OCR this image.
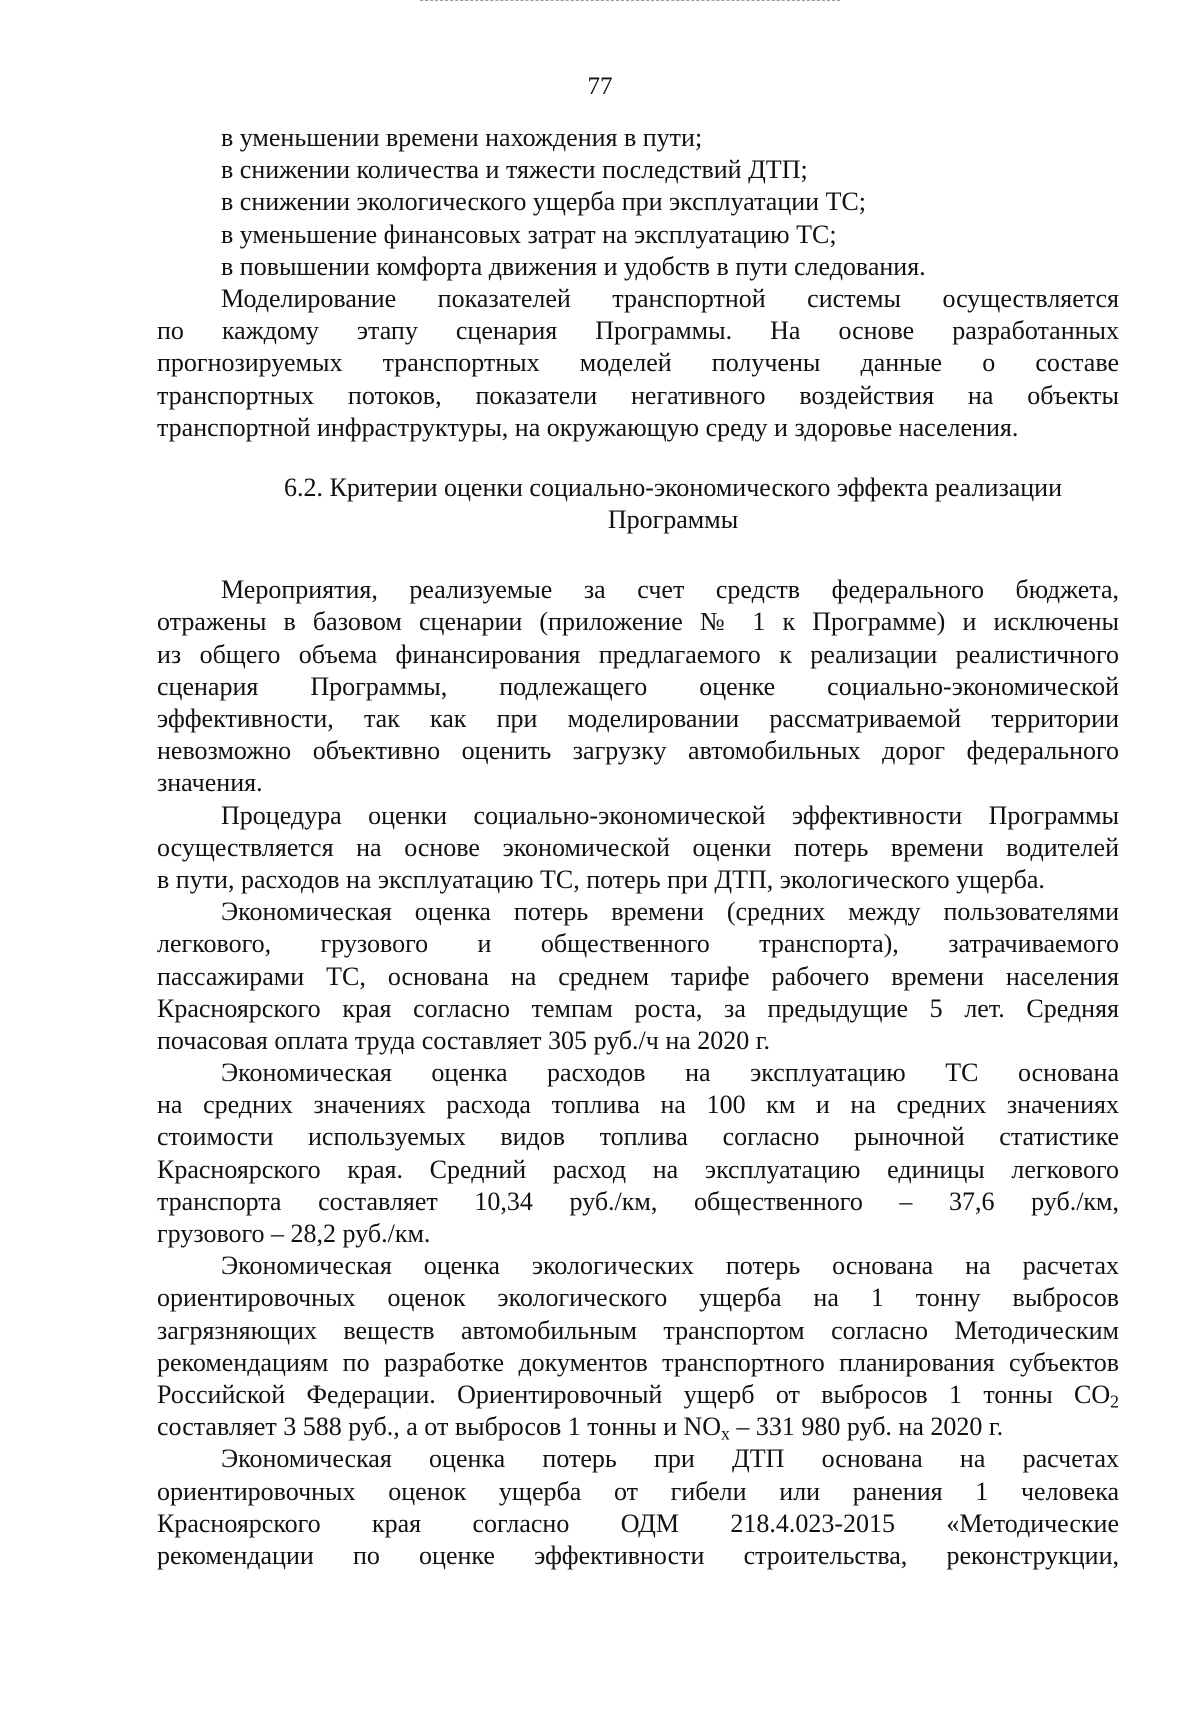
77
в уменьшении времени нахождения в пути;
в снижении количества и тяжести последствий ДТП;
в снижении экологического ущерба при эксплуатации ТС;
в уменьшение финансовых затрат на эксплуатацию ТС;
в повышении комфорта движения и удобств в пути следования.
Моделирование показателей транспортной системы осуществляется
по каждому этапу сценария Программы. На основе разработанных
прогнозируемых транспортных моделей получены данные о составе
транспортных потоков, показатели негативного воздействия на объекты
транспортной инфраструктуры, на окружающую среду и здоровье населения.
6.2. Критерии оценки социально-экономического эффекта реализации
Программы
Мероприятия, реализуемые за счет средств федерального бюджета,
отражены в базовом сценарии (приложение № 1 к Программе) и исключены
из общего объема финансирования предлагаемого к реализации реалистичного
сценария Программы, подлежащего оценке социально-экономической
эффективности, так как при моделировании рассматриваемой территории
невозможно объективно оценить загрузку автомобильных дорог федерального
значения.
Процедура оценки социально-экономической эффективности Программы
осуществляется на основе экономической оценки потерь времени водителей
в пути, расходов на эксплуатацию ТС, потерь при ДТП, экологического ущерба.
Экономическая оценка потерь времени (средних между пользователями
легкового, грузового и общественного транспорта), затрачиваемого
пассажирами ТС, основана на среднем тарифе рабочего времени населения
Красноярского края согласно темпам роста, за предыдущие 5 лет. Средняя
почасовая оплата труда составляет 305 руб./ч на 2020 г.
Экономическая оценка расходов на эксплуатацию ТС основана
на средних значениях расхода топлива на 100 км и на средних значениях
стоимости используемых видов топлива согласно рыночной статистике
Красноярского края. Средний расход на эксплуатацию единицы легкового
транспорта составляет 10,34 руб./км, общественного – 37,6 руб./км,
грузового – 28,2 руб./км.
Экономическая оценка экологических потерь основана на расчетах
ориентировочных оценок экологического ущерба на 1 тонну выбросов
загрязняющих веществ автомобильным транспортом согласно Методическим
рекомендациям по разработке документов транспортного планирования субъектов
Российской Федерации. Ориентировочный ущерб от выбросов 1 тонны $CO_2$
составляет 3 588 руб., а от выбросов 1 тонны и $NO_x - 331$ 980 руб. на 2020 г.
Экономическая оценка потерь при ДТП основана на расчетах
ориентировочных оценок ущерба от гибели или ранения 1 человека
Красноярского края согласно ОДМ 218.4.023-2015 «Методические
рекомендации по оценке эффективности строительства, реконструкции,
